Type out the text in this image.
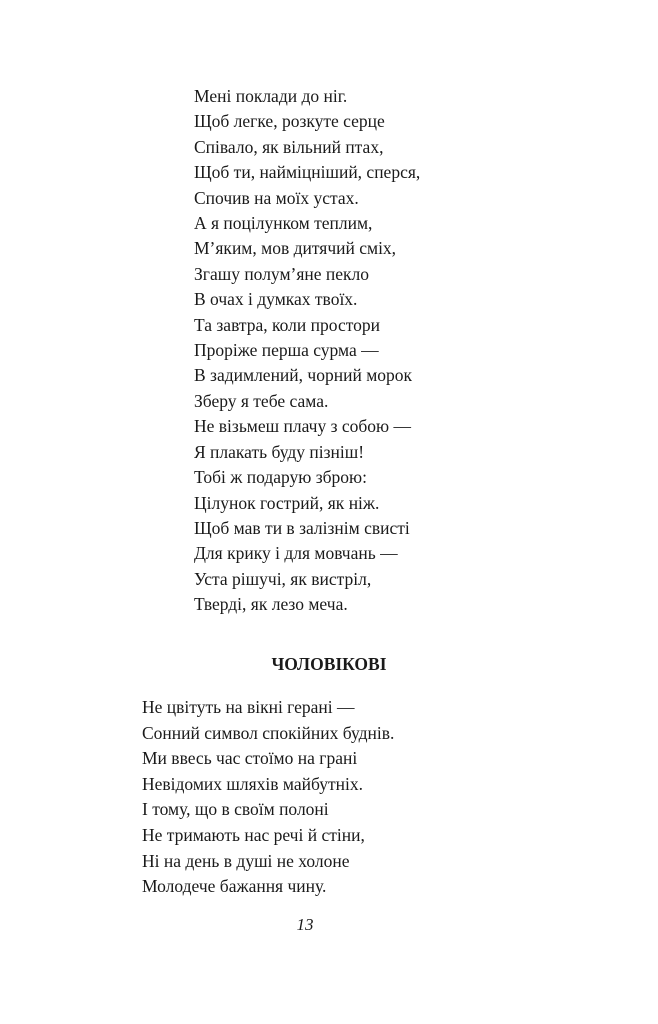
Мені поклади до ніг.
Щоб легке, розкуте серце
Співало, як вільний птах,
Щоб ти, наймiцніший, сперся,
Спочив на моїх устах.
А я поцілунком теплим,
М’яким, мов дитячий сміх,
Згашу полум’яне пекло
В очах і думках твоїх.
Та завтра, коли простори
Проріже перша сурма —
В задимлений, чорний морок
Зберу я тебе сама.
Не візьмеш плачу з собою —
Я плакать буду пізніш!
Тобі ж подарую зброю:
Цілунок гострий, як ніж.
Щоб мав ти в залізнім свисті
Для крику і для мовчань —
Уста рішучі, як вистріл,
Тверді, як лезо меча.
ЧОЛОВІКОВІ
Не цвітуть на вікні герані —
Сонний символ спокійних буднів.
Ми ввесь час стоїмо на грані
Невідомих шляхів майбутніх.
І тому, що в своїм полоні
Не тримають нас речі й стіни,
Ні на день в душі не холоне
Молодече бажання чину.
13
